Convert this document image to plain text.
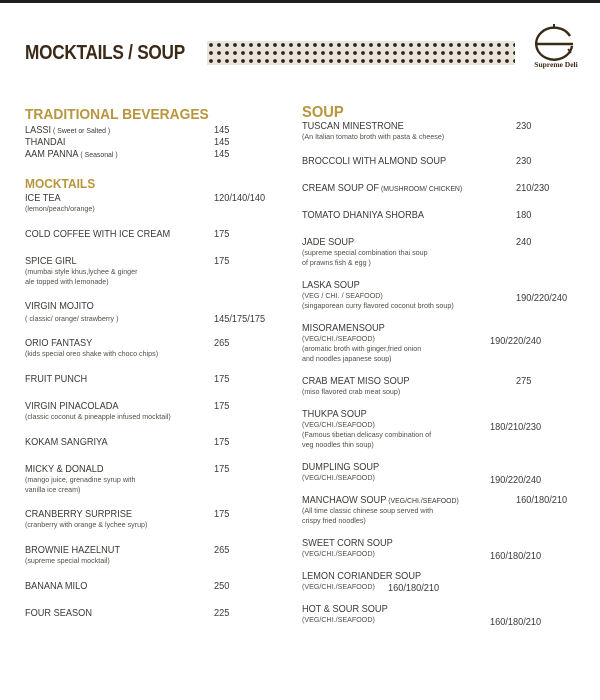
MOCKTAILS / SOUP
Supreme Deli
TRADITIONAL BEVERAGES
LASSI ( Sweet or Salted )	145
THANDAI	145
AAM PANNA ( Seasonal )	145
MOCKTAILS
ICE TEA
(lemon/peach/orange)
120/140/140
COLD COFFEE WITH ICE CREAM	175
SPICE GIRL
(mumbai style khus,lychee & ginger
ale topped with lemonade)
175
VIRGIN MOJITO
( classic/ orange/ strawberry )	145/175/175
ORIO FANTASY
(kids special oreo shake with choco chips)
265
FRUIT PUNCH	175
VIRGIN PINACOLADA
(classic coconut & pineapple infused mocktail)
175
KOKAM SANGRIYA	175
MICKY & DONALD
(mango juice, grenadine syrup with
vanilla ice cream)
175
CRANBERRY SURPRISE
(cranberry with orange & lychee syrup)
175
BROWNIE HAZELNUT
(supreme special mocktail)
265
BANANA MILO	250
FOUR SEASON	225
SOUP
TUSCAN MINESTRONE
(An Italian tomato broth with pasta & cheese)
230
BROCCOLI WITH ALMOND SOUP	230
CREAM SOUP OF (MUSHROOM/ CHICKEN)	210/230
TOMATO DHANIYA SHORBA	180
JADE SOUP
(supreme special combination thai soup
of prawns fish & egg )
240
LASKA SOUP
(VEG / CHI. / SEAFOOD)
(singaporean curry flavored coconut broth soup)
190/220/240
MISORAMENSOUP
(VEG/CHI./SEAFOOD)
(aromatic broth with ginger,fried onion
and noodles japanese soup)
190/220/240
CRAB MEAT MISO SOUP
(miso flavored crab meat soup)
275
THUKPA SOUP
(VEG/CHI./SEAFOOD)
(Famous tibetian delicasy combination of
veg noodles thin soup)
180/210/230
DUMPLING SOUP
(VEG/CHI./SEAFOOD)	190/220/240
MANCHAOW SOUP (VEG/CHI./SEAFOOD)
(All time classic chinese soup served with
crispy fried noodles)
160/180/210
SWEET CORN SOUP
(VEG/CHI./SEAFOOD)	160/180/210
LEMON CORIANDER SOUP
(VEG/CHI./SEAFOOD)	160/180/210
HOT & SOUR SOUP
(VEG/CHI./SEAFOOD)	160/180/210
